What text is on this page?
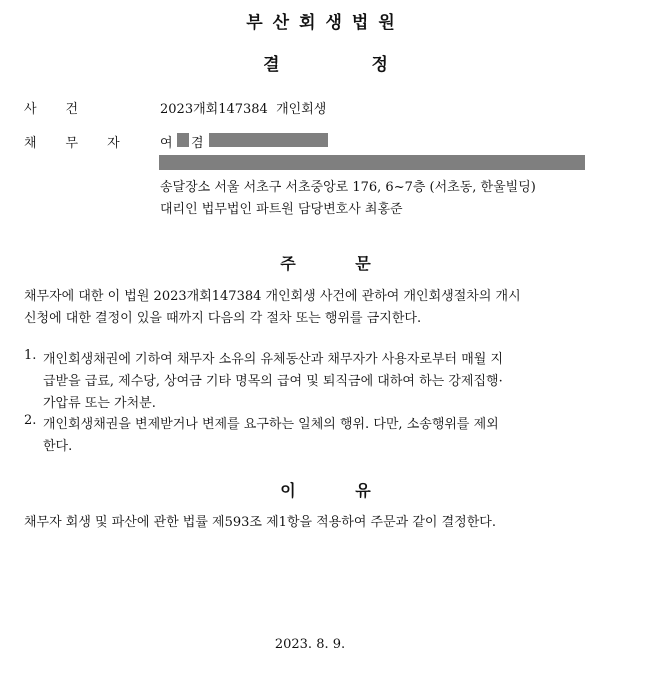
부산회생법원
결 정
사건	2023개회147384 개인회생
채무자 여 겸
송달장소 서울 서초구 서초중앙로 176, 6~7층 (서초동, 한울빌딩)
대리인 법무법인 파트원 담당변호사 최홍준
주 문
채무자에 대한 이 법원 2023개회147384 개인회생 사건에 관하여 개인회생절차의 개시
신청에 대한 결정이 있을 때까지 다음의 각 절차 또는 행위를 금지한다.
1. 개인회생채권에 기하여 채무자 소유의 유체동산과 채무자가 사용자로부터 매월 지
급받을 급료, 제수당, 상여금 기타 명목의 급여 및 퇴직금에 대하여 하는 강제집행·
가압류 또는 가처분.
2. 개인회생채권을 변제받거나 변제를 요구하는 일체의 행위. 다만, 소송행위를 제외
한다.
이 유
채무자 회생 및 파산에 관한 법률 제593조 제1항을 적용하여 주문과 같이 결정한다.
2023. 8. 9.
